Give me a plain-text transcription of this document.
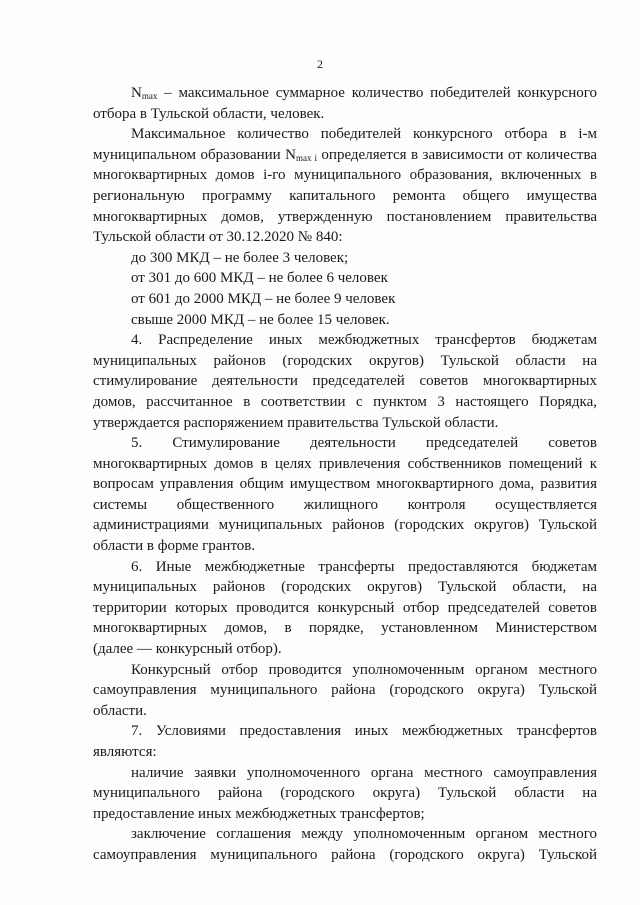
2

$N_{max}$ – максимальное суммарное количество победителей конкурсного

отбора в Тульской области, человек.

Максимальное количество победителей конкурсного отбора в i-м

муниципальном образовании $N_{max i}$ определяется в зависимости от количества

многоквартирных домов i-го муниципального образования, включенных в

региональную программу капитального ремонта общего имущества

многоквартирных домов, утвержденную постановлением правительства

Тульской области от 30.12.2020 № 840:

до 300 МКД – не более 3 человек;

от 301 до 600 МКД – не более 6 человек

от 601 до 2000 МКД – не более 9 человек

свыше 2000 МКД – не более 15 человек.

4. Распределение иных межбюджетных трансфертов бюджетам

муниципальных районов (городских округов) Тульской области на

стимулирование деятельности председателей советов многоквартирных

домов, рассчитанное в соответствии с пунктом 3 настоящего Порядка,

утверждается распоряжением правительства Тульской области.

5. Стимулирование деятельности председателей советов

многоквартирных домов в целях привлечения собственников помещений к

вопросам управления общим имуществом многоквартирного дома, развития

системы общественного жилищного контроля осуществляется

администрациями муниципальных районов (городских округов) Тульской

области в форме грантов.

6. Иные межбюджетные трансферты предоставляются бюджетам

муниципальных районов (городских округов) Тульской области, на

территории которых проводится конкурсный отбор председателей советов

многоквартирных домов, в порядке, установленном Министерством

(далее — конкурсный отбор).

Конкурсный отбор проводится уполномоченным органом местного

самоуправления муниципального района (городского округа) Тульской

области.

7. Условиями предоставления иных межбюджетных трансфертов

являются:

наличие заявки уполномоченного органа местного самоуправления

муниципального района (городского округа) Тульской области на

предоставление иных межбюджетных трансфертов;

заключение соглашения между уполномоченным органом местного

самоуправления муниципального района (городского округа) Тульской
